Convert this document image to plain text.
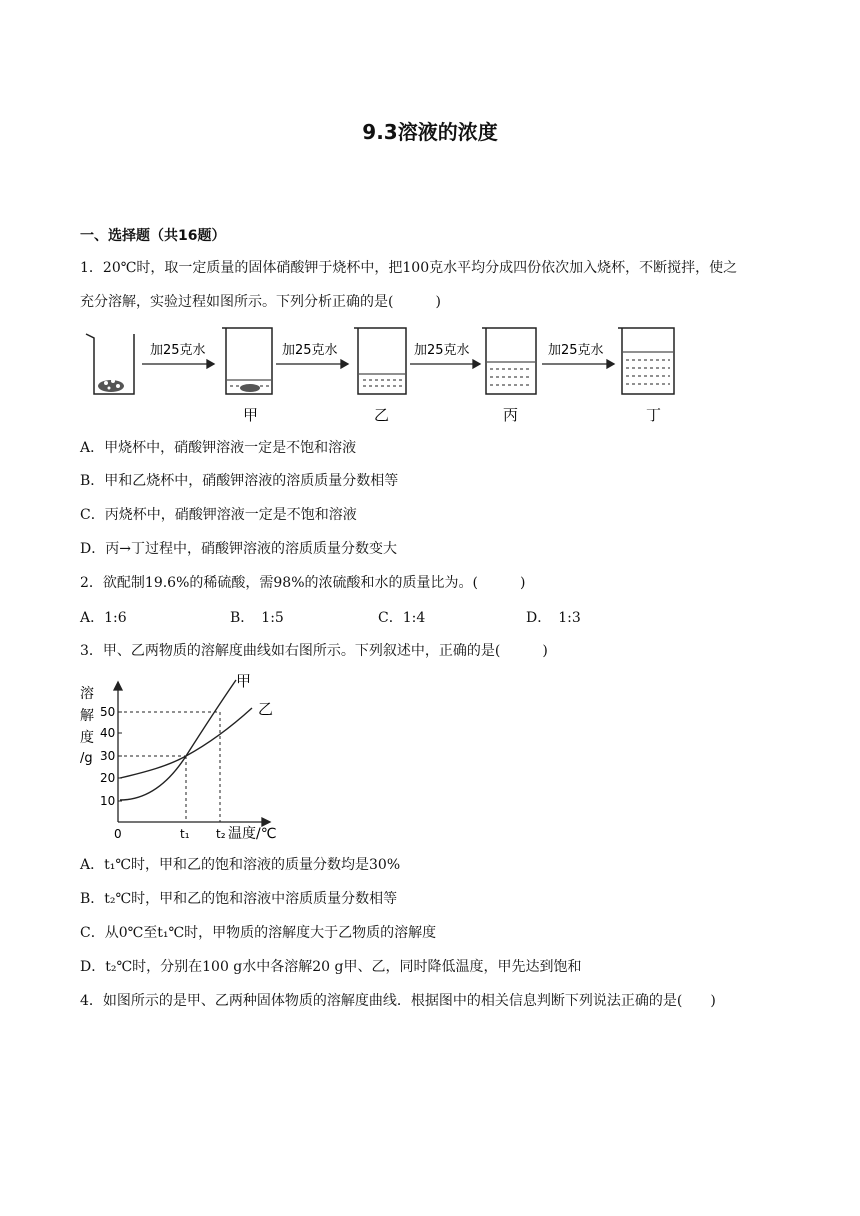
9.3溶液的浓度
一、选择题（共16题）
1．20℃时，取一定质量的固体硝酸钾于烧杯中，把100克水平均分成四份依次加入烧杯，不断搅拌，使之
充分溶解，实验过程如图所示。下列分析正确的是(　　　)
加25克水	加25克水	加25克水	加25克水
甲	乙	丙	丁
A．甲烧杯中，硝酸钾溶液一定是不饱和溶液
B．甲和乙烧杯中，硝酸钾溶液的溶质质量分数相等
C．丙烧杯中，硝酸钾溶液一定是不饱和溶液
D．丙→丁过程中，硝酸钾溶液的溶质质量分数变大
2．欲配制19.6%的稀硫酸，需98%的浓硫酸和水的质量比为。(　　　)
A．1:6	B．　1:5	C．1:4	D．　1:3
3．甲、乙两物质的溶解度曲线如右图所示。下列叙述中，正确的是(　　　)
溶
解
度
/g
10
20
30
40
50
甲
乙
0	t₁ t₂ 温度/℃
A．t₁℃时，甲和乙的饱和溶液的质量分数均是30%
B．t₂℃时，甲和乙的饱和溶液中溶质质量分数相等
C．从0℃至t₁℃时，甲物质的溶解度大于乙物质的溶解度
D．t₂℃时，分别在100 g水中各溶解20 g甲、乙，同时降低温度，甲先达到饱和
4．如图所示的是甲、乙两种固体物质的溶解度曲线．根据图中的相关信息判断下列说法正确的是(　　)
